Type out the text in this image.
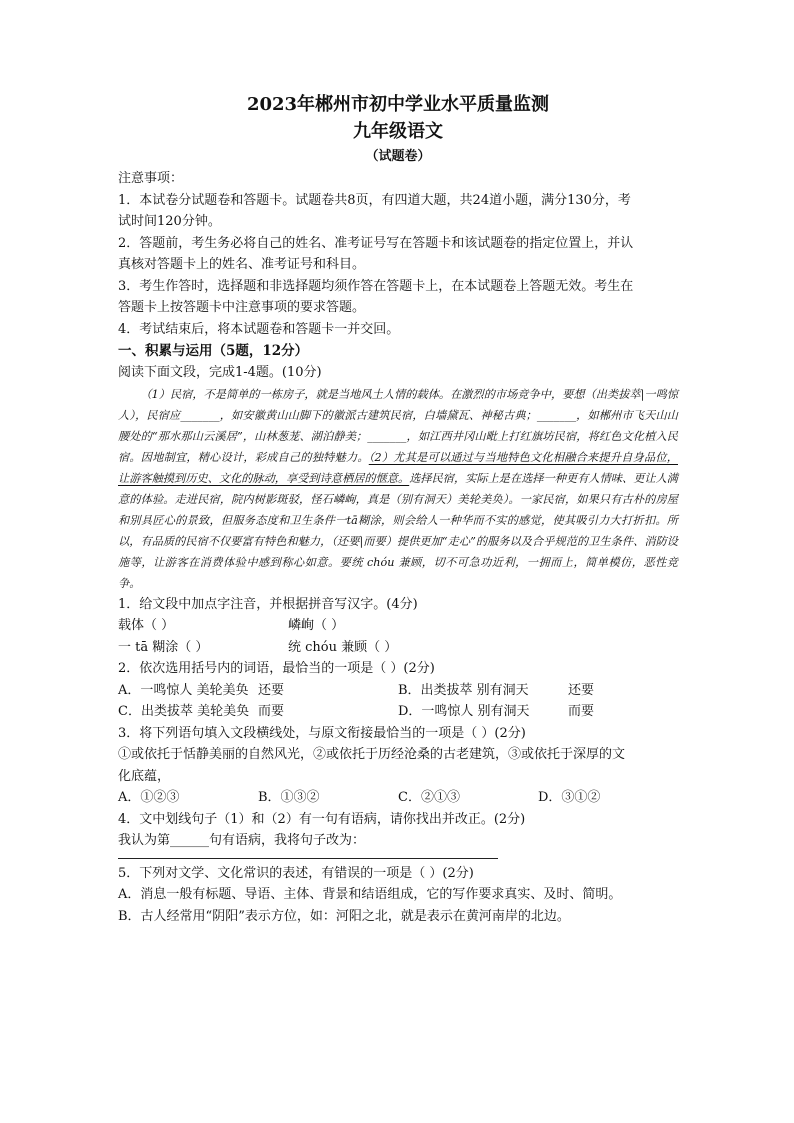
2023年郴州市初中学业水平质量监测

九年级语文

（试题卷）

注意事项：

1．本试卷分试题卷和答题卡。试题卷共8页，有四道大题，共24道小题，满分130分，考

试时间120分钟。

2．答题前，考生务必将自己的姓名、准考证号写在答题卡和该试题卷的指定位置上，并认

真核对答题卡上的姓名、准考证号和科目。

3．考生作答时，选择题和非选择题均须作答在答题卡上，在本试题卷上答题无效。考生在

答题卡上按答题卡中注意事项的要求答题。

4．考试结束后，将本试题卷和答题卡一并交回。

一、积累与运用（5题，12分）

阅读下面文段，完成1-4题。(10分)

（1）民宿，不是简单的一栋房子，就是当地风土人情的载体。在激烈的市场竞争中，要想（出类拔萃|一鸣惊人），民宿应_______，如安徽黄山山脚下的徽派古建筑民宿，白墙黛瓦、神秘古典；_______，如郴州市飞天山山腰处的“那水那山云溪居”，山林葱茏、湖泊静美；_______，如江西井冈山毗上打红旗坊民宿，将红色文化植入民宿。因地制宜，精心设计，彩成自己的独特魅力。（2）尤其是可以通过与当地特色文化相融合来提升自身品位，让游客触摸到历史、文化的脉动，享受到诗意栖居的惬意。选择民宿，实际上是在选择一种更有人情味、更让人满意的体验。走进民宿，院内树影斑驳，怪石嶙峋，真是（别有洞天）美轮美奂）。一家民宿，如果只有古朴的房屋和别具匠心的景致，但服务态度和卫生条件一tā糊涂，则会给人一种华而不实的感觉，使其吸引力大打折扣。所以，有品质的民宿不仅要富有特色和魅力，（还要|而要）提供更加“走心”的服务以及合乎规范的卫生条件、消防设施等，让游客在消费体验中感到称心如意。要统 chóu 兼顾，切不可急功近利，一拥而上，简单模仿，恶性竞争。

1．给文段中加点字注音，并根据拼音写汉字。(4分)

载体（ ）	嶙峋（ ）
一 tā 糊涂（ ）	统 chóu 兼顾（ ）

2．依次选用括号内的词语，最恰当的一项是（ ）(2分)

A．一鸣惊人 美轮美奂 还要	B．出类拔萃 别有洞天	还要
C．出类拔萃 美轮美奂 而要	D．一鸣惊人 别有洞天	而要

3．将下列语句填入文段横线处，与原文衔接最恰当的一项是（ ）(2分)

①或依托于恬静美丽的自然风光，②或依托于历经沧桑的古老建筑，③或依托于深厚的文

化底蕴，

A．①②③	B．①③②	C．②①③	D．③①②

4．文中划线句子（1）和（2）有一句有语病，请你找出并改正。(2分)

我认为第______句有语病，我将句子改为：

5．下列对文学、文化常识的表述，有错误的一项是（ ）(2分)

A．消息一般有标题、导语、主体、背景和结语组成，它的写作要求真实、及时、简明。

B．古人经常用“阴阳”表示方位，如：河阳之北，就是表示在黄河南岸的北边。
